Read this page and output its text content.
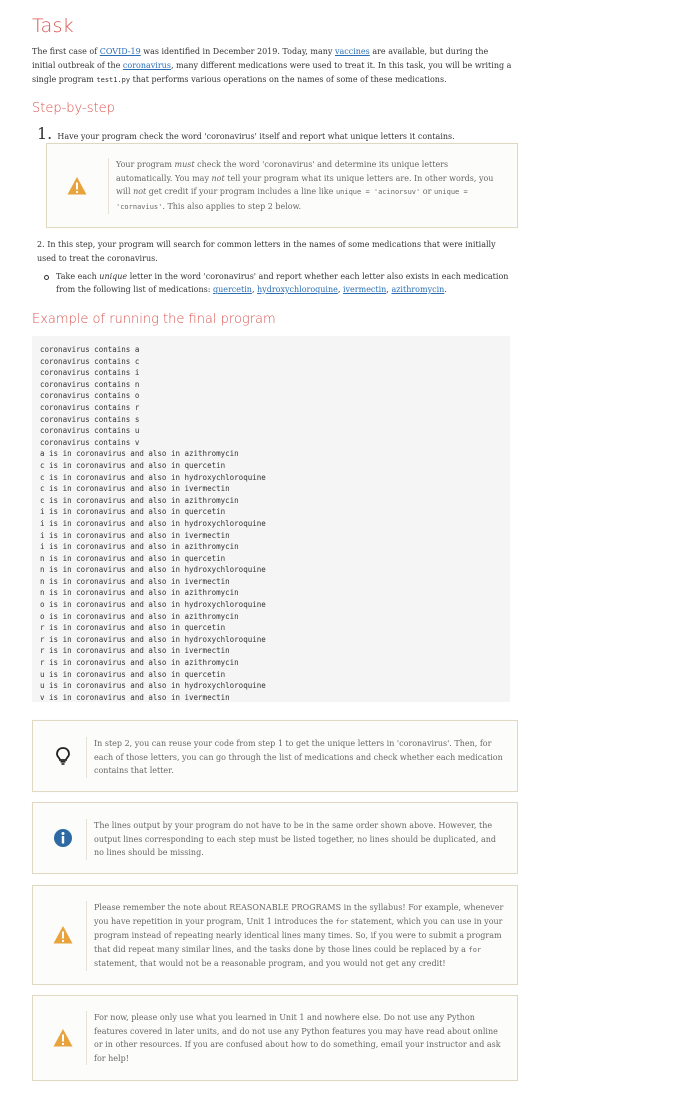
Task

The first case of COVID-19 was identified in December 2019. Today, many vaccines are available, but during the initial outbreak of the coronavirus, many different medications were used to treat it. In this task, you will be writing a single program test1.py that performs various operations on the names of some of these medications.

Step-by-step
1. Have your program check the word 'coronavirus' itself and report what unique letters it contains.
Your program must check the word 'coronavirus' and determine its unique letters automatically. You may not tell your program what its unique letters are. In other words, you will not get credit if your program includes a line like unique = 'acinorsuv' or unique = 'cornavius'. This also applies to step 2 below.
2. In this step, your program will search for common letters in the names of some medications that were initially used to treat the coronavirus.
Take each unique letter in the word 'coronavirus' and report whether each letter also exists in each medication from the following list of medications: quercetin, hydroxychloroquine, ivermectin, azithromycin.
Example of running the final program
coronavirus contains a
coronavirus contains c
coronavirus contains i
coronavirus contains n
coronavirus contains o
coronavirus contains r
coronavirus contains s
coronavirus contains u
coronavirus contains v
a is in coronavirus and also in azithromycin
c is in coronavirus and also in quercetin
c is in coronavirus and also in hydroxychloroquine
c is in coronavirus and also in ivermectin
c is in coronavirus and also in azithromycin
i is in coronavirus and also in quercetin
i is in coronavirus and also in hydroxychloroquine
i is in coronavirus and also in ivermectin
i is in coronavirus and also in azithromycin
n is in coronavirus and also in quercetin
n is in coronavirus and also in hydroxychloroquine
n is in coronavirus and also in ivermectin
n is in coronavirus and also in azithromycin
o is in coronavirus and also in hydroxychloroquine
o is in coronavirus and also in azithromycin
r is in coronavirus and also in quercetin
r is in coronavirus and also in hydroxychloroquine
r is in coronavirus and also in ivermectin
r is in coronavirus and also in azithromycin
u is in coronavirus and also in quercetin
u is in coronavirus and also in hydroxychloroquine
v is in coronavirus and also in ivermectin
In step 2, you can reuse your code from step 1 to get the unique letters in 'coronavirus'. Then, for each of those letters, you can go through the list of medications and check whether each medication contains that letter.
The lines output by your program do not have to be in the same order shown above. However, the output lines corresponding to each step must be listed together, no lines should be duplicated, and no lines should be missing.
Please remember the note about REASONABLE PROGRAMS in the syllabus! For example, whenever you have repetition in your program, Unit 1 introduces the for statement, which you can use in your program instead of repeating nearly identical lines many times. So, if you were to submit a program that did repeat many similar lines, and the tasks done by those lines could be replaced by a for statement, that would not be a reasonable program, and you would not get any credit!
For now, please only use what you learned in Unit 1 and nowhere else. Do not use any Python features covered in later units, and do not use any Python features you may have read about online or in other resources. If you are confused about how to do something, email your instructor and ask for help!
